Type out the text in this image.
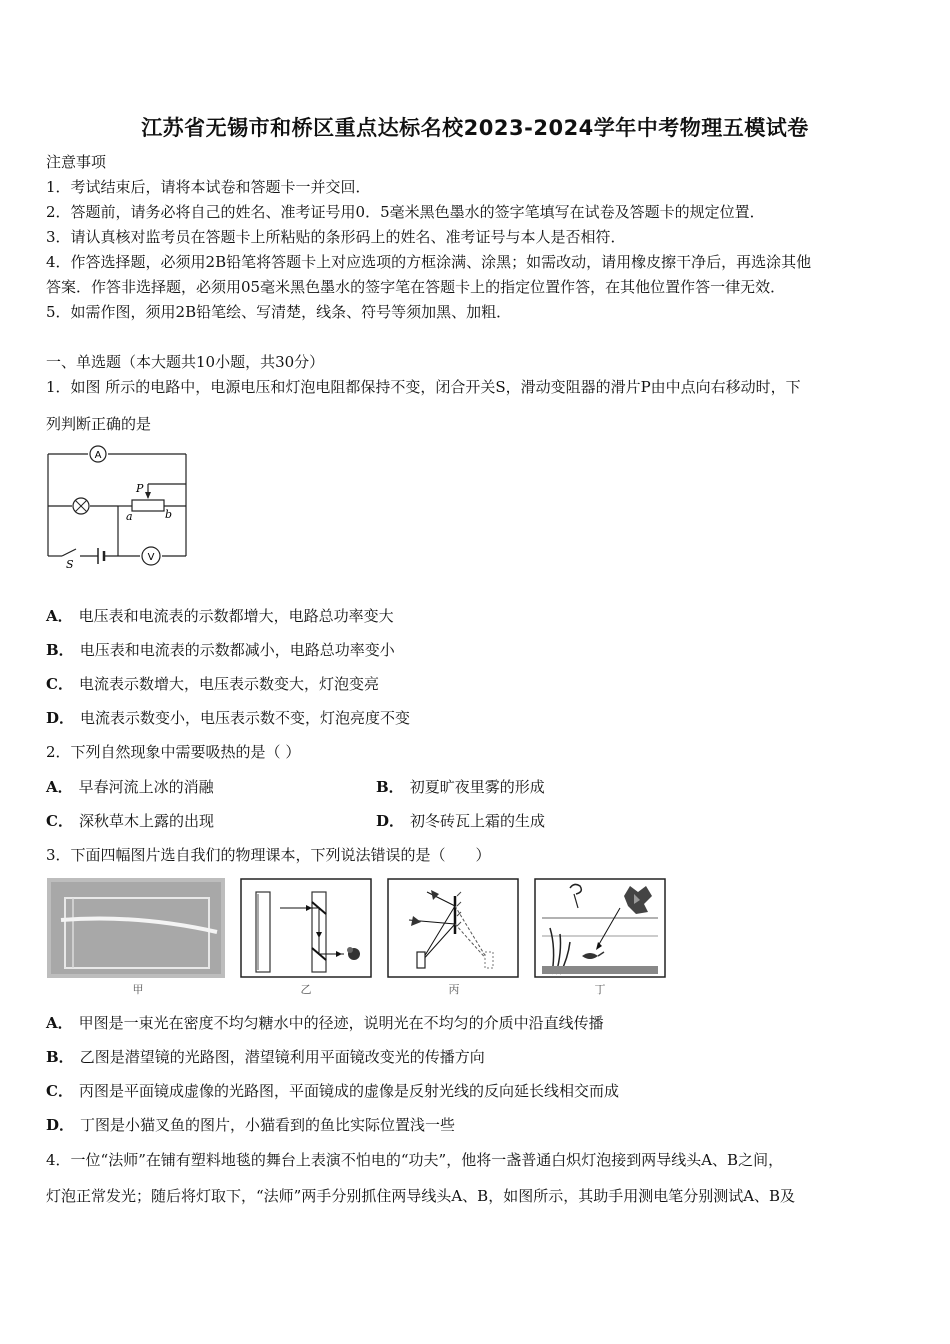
江苏省无锡市和桥区重点达标名校2023-2024学年中考物理五模试卷
注意事项
1．考试结束后，请将本试卷和答题卡一并交回．
2．答题前，请务必将自己的姓名、准考证号用0．5毫米黑色墨水的签字笔填写在试卷及答题卡的规定位置．
3．请认真核对监考员在答题卡上所粘贴的条形码上的姓名、准考证号与本人是否相符．
4．作答选择题，必须用2B铅笔将答题卡上对应选项的方框涂满、涂黑；如需改动，请用橡皮擦干净后，再选涂其他
答案．作答非选择题，必须用05毫米黑色墨水的签字笔在答题卡上的指定位置作答，在其他位置作答一律无效．
5．如需作图，须用2B铅笔绘、写清楚，线条、符号等须加黑、加粗．
一、单选题（本大题共10小题，共30分）
1．如图 所示的电路中，电源电压和灯泡电阻都保持不变，闭合开关S，滑动变阻器的滑片P由中点向右移动时，下
列判断正确的是
A
V
P
a	b
S
A． 电压表和电流表的示数都增大，电路总功率变大
B． 电压表和电流表的示数都减小，电路总功率变小
C． 电流表示数增大，电压表示数变大，灯泡变亮
D． 电流表示数变小，电压表示数不变，灯泡亮度不变
2．下列自然现象中需要吸热的是（ ）
A． 早春河流上冰的消融	B． 初夏旷夜里雾的形成
C． 深秋草木上露的出现	D． 初冬砖瓦上霜的生成
3．下面四幅图片选自我们的物理课本，下列说法错误的是（　　）
甲	乙	丙	丁
A． 甲图是一束光在密度不均匀糖水中的径迹，说明光在不均匀的介质中沿直线传播
B． 乙图是潜望镜的光路图，潜望镜利用平面镜改变光的传播方向
C． 丙图是平面镜成虚像的光路图，平面镜成的虚像是反射光线的反向延长线相交而成
D． 丁图是小猫叉鱼的图片，小猫看到的鱼比实际位置浅一些
4．一位“法师”在铺有塑料地毯的舞台上表演不怕电的“功夫”，他将一盏普通白炽灯泡接到两导线头A、B之间，
灯泡正常发光；随后将灯取下，“法师”两手分别抓住两导线头A、B，如图所示，其助手用测电笔分别测试A、B及
